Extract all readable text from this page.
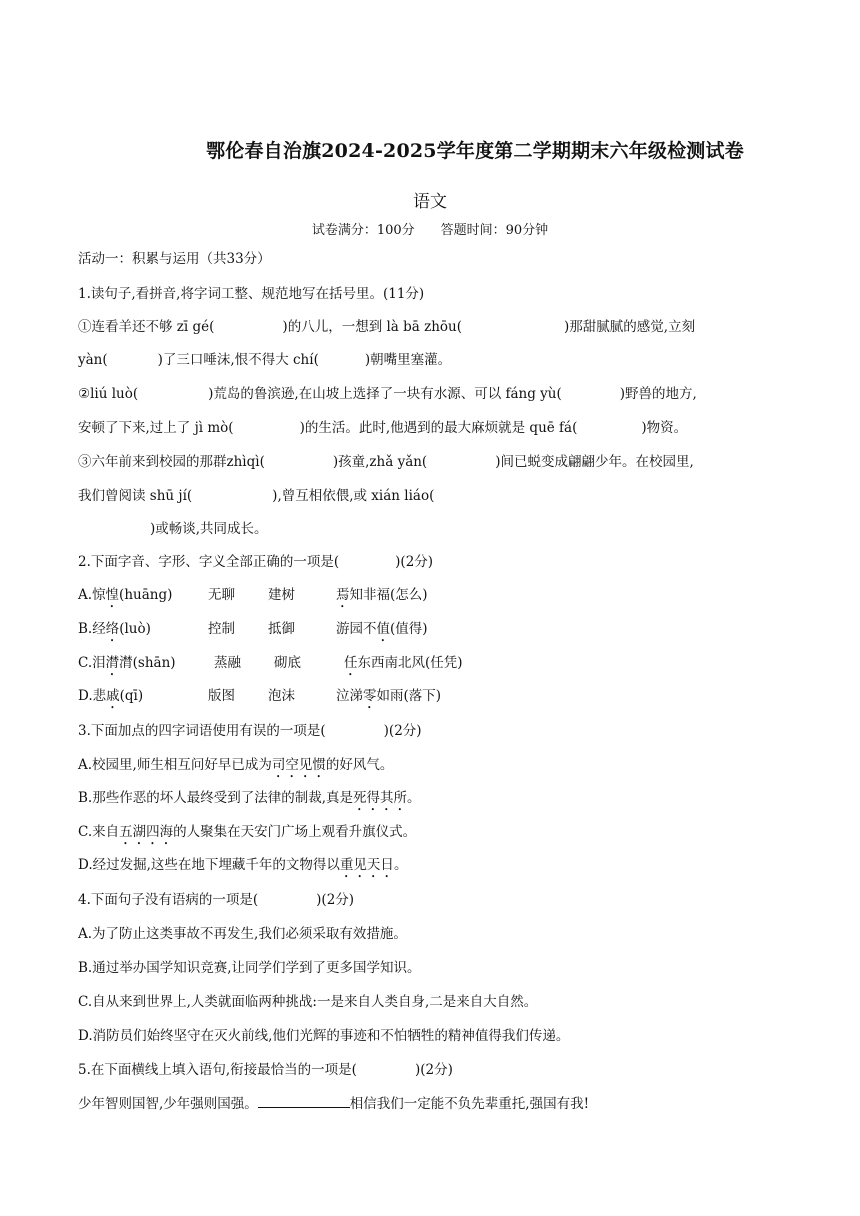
鄂伦春自治旗2024-2025学年度第二学期期末六年级检测试卷
语文
试卷满分：100分　　答题时间：90分钟
活动一：积累与运用（共33分）
1.读句子,看拼音,将字词工整、规范地写在括号里。(11分)
①连看羊还不够 zī gé(	)的八儿，一想到 là bā zhōu(	)那甜腻腻的感觉,立刻
yàn(	)了三口唾沫,恨不得大 chí(	)朝嘴里塞灌。
②liú luò(	)荒岛的鲁滨逊,在山坡上选择了一块有水源、可以 fáng yù(	)野兽的地方,
安顿了下来,过上了 jì mò(	)的生活。此时,他遇到的最大麻烦就是 quē fá(	)物资。
③六年前来到校园的那群zhìqì(	)孩童,zhǎ yǎn(	)间已蜕变成翩翩少年。在校园里,
我们曾阅读 shū jí(	),曾互相依偎,或 xián liáo(
)或畅谈,共同成长。
2.下面字音、字形、字义全部正确的一项是(	)(2分)
A.惊惶(huāng)	无聊 建树	焉知非福(怎么)
B.经络(luò)	控制 抵御	游园不值(值得)
C.泪潸潸(shān)	蒸融 砌底	任东西南北风(任凭)
D.悲戚(qī)	版图 泡沫	泣涕零如雨(落下)
3.下面加点的四字词语使用有误的一项是(	)(2分)
A.校园里,师生相互问好早已成为司空见惯的好风气。
B.那些作恶的坏人最终受到了法律的制裁,真是死得其所。
C.来自五湖四海的人聚集在天安门广场上观看升旗仪式。
D.经过发掘,这些在地下埋藏千年的文物得以重见天日。
4.下面句子没有语病的一项是(	)(2分)
A.为了防止这类事故不再发生,我们必须采取有效措施。
B.通过举办国学知识竞赛,让同学们学到了更多国学知识。
C.自从来到世界上,人类就面临两种挑战:一是来自人类自身,二是来自大自然。
D.消防员们始终坚守在灭火前线,他们光辉的事迹和不怕牺牲的精神值得我们传递。
5.在下面横线上填入语句,衔接最恰当的一项是(	)(2分)
少年智则国智,少年强则国强。	相信我们一定能不负先辈重托,强国有我!
